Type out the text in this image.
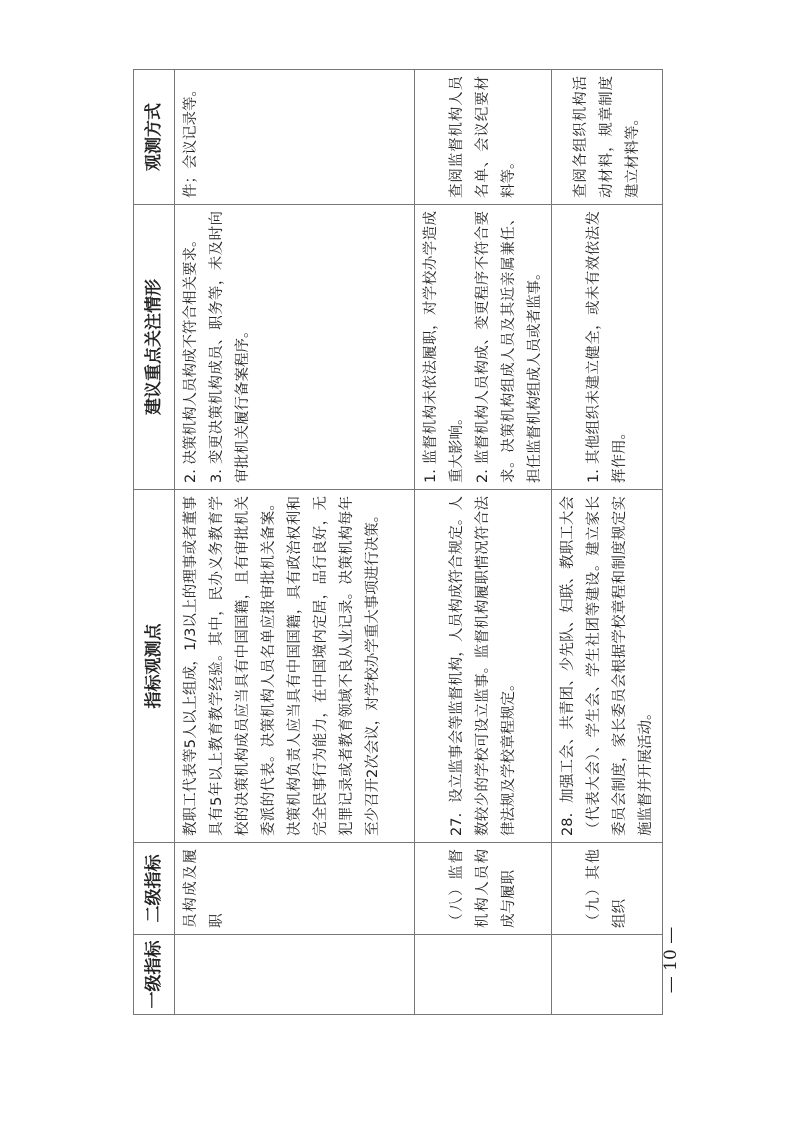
一级指标	二级指标	指标观测点	建议重点关注情形	观测方式
	员构成及履职	教职工代表等5人以上组成，1/3以上的理事或者董事具有5年以上教育教学经验。其中，民办义务教育学校的决策机构成员应当具有中国国籍，且有审批机关委派的代表。决策机构人员名单应报审批机关备案。决策机构负责人应当具有中国国籍，具有政治权利和完全民事行为能力，在中国境内定居，品行良好，无犯罪记录或者教育领域不良从业记录。决策机构每年至少召开2次会议，对学校办学重大事项进行决策。	2. 决策机构人员构成不符合相关要求。 3. 变更决策机构成员、职务等，未及时向审批机关履行备案程序。	件；会议记录等。
	（八）监督机构人员构成与履职	27．设立监事会等监督机构，人员构成符合规定。人数较少的学校可设立监事。监督机构履职情况符合法律法规及学校章程规定。	1. 监督机构未依法履职，对学校办学造成重大影响。 2. 监督机构人员构成、变更程序不符合要求。决策机构组成人员及其近亲属兼任、担任监督机构组成人员或者监事。	查阅监督机构人员名单、会议纪要材料等。
	（九）其他组织	28．加强工会、共青团、少先队、妇联、教职工大会（代表大会）、学生会、学生社团等建设。建立家长委员会制度，家长委员会根据学校章程和制度规定实施监督并开展活动。	1. 其他组织未建立健全，或未有效依法发挥作用。	查阅各组织机构活动材料，规章制度建立材料等。
— 10 —
